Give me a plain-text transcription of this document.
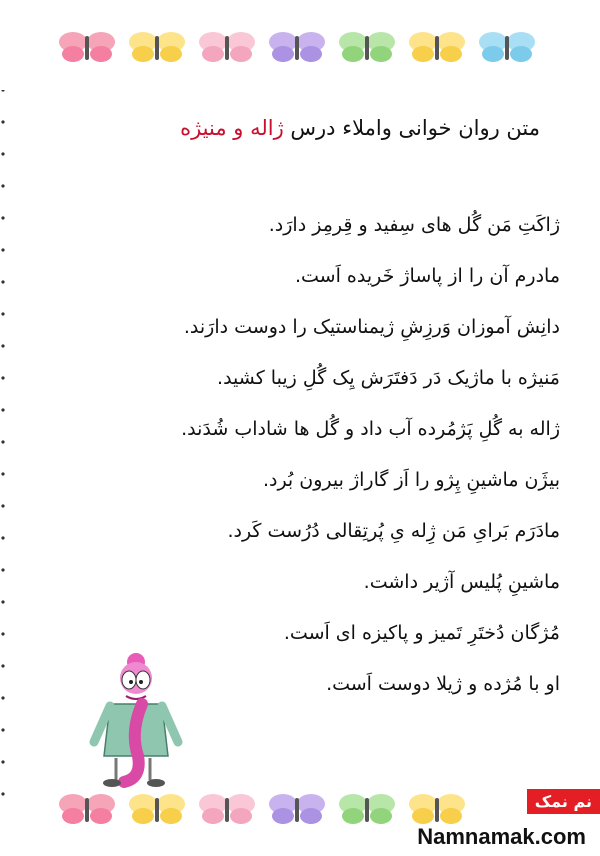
متن روان خوانی واملاء درس ژاله و منیژه
ژاکَتِ مَن گُل های سِفید و قِرمِز دارَد.
مادرم آن را از پاساژ خَریده اَست.
دانِش آموزان وَرزِشِ ژیمناستیک را دوست دارَند.
مَنیژه با ماژیک دَر دَفتَرَش یِک گُلِ زیبا کشید.
ژاله به گُلِ پَژمُرده آب داد و گُل ها شاداب شُدَند.
بیژَن ماشینِ پِژو را اَز گاراژ بیرون بُرد.
مادَرَم بَرایِ مَن ژِله یِ پُرتِقالی دُرُست کَرد.
ماشینِ پُلیس آژیر داشت.
مُژگان دُختَرِ تَمیز و پاکیزه ای اَست.
او با مُژده و ژیلا دوست اَست.
نم نمک
Namnamak.com
